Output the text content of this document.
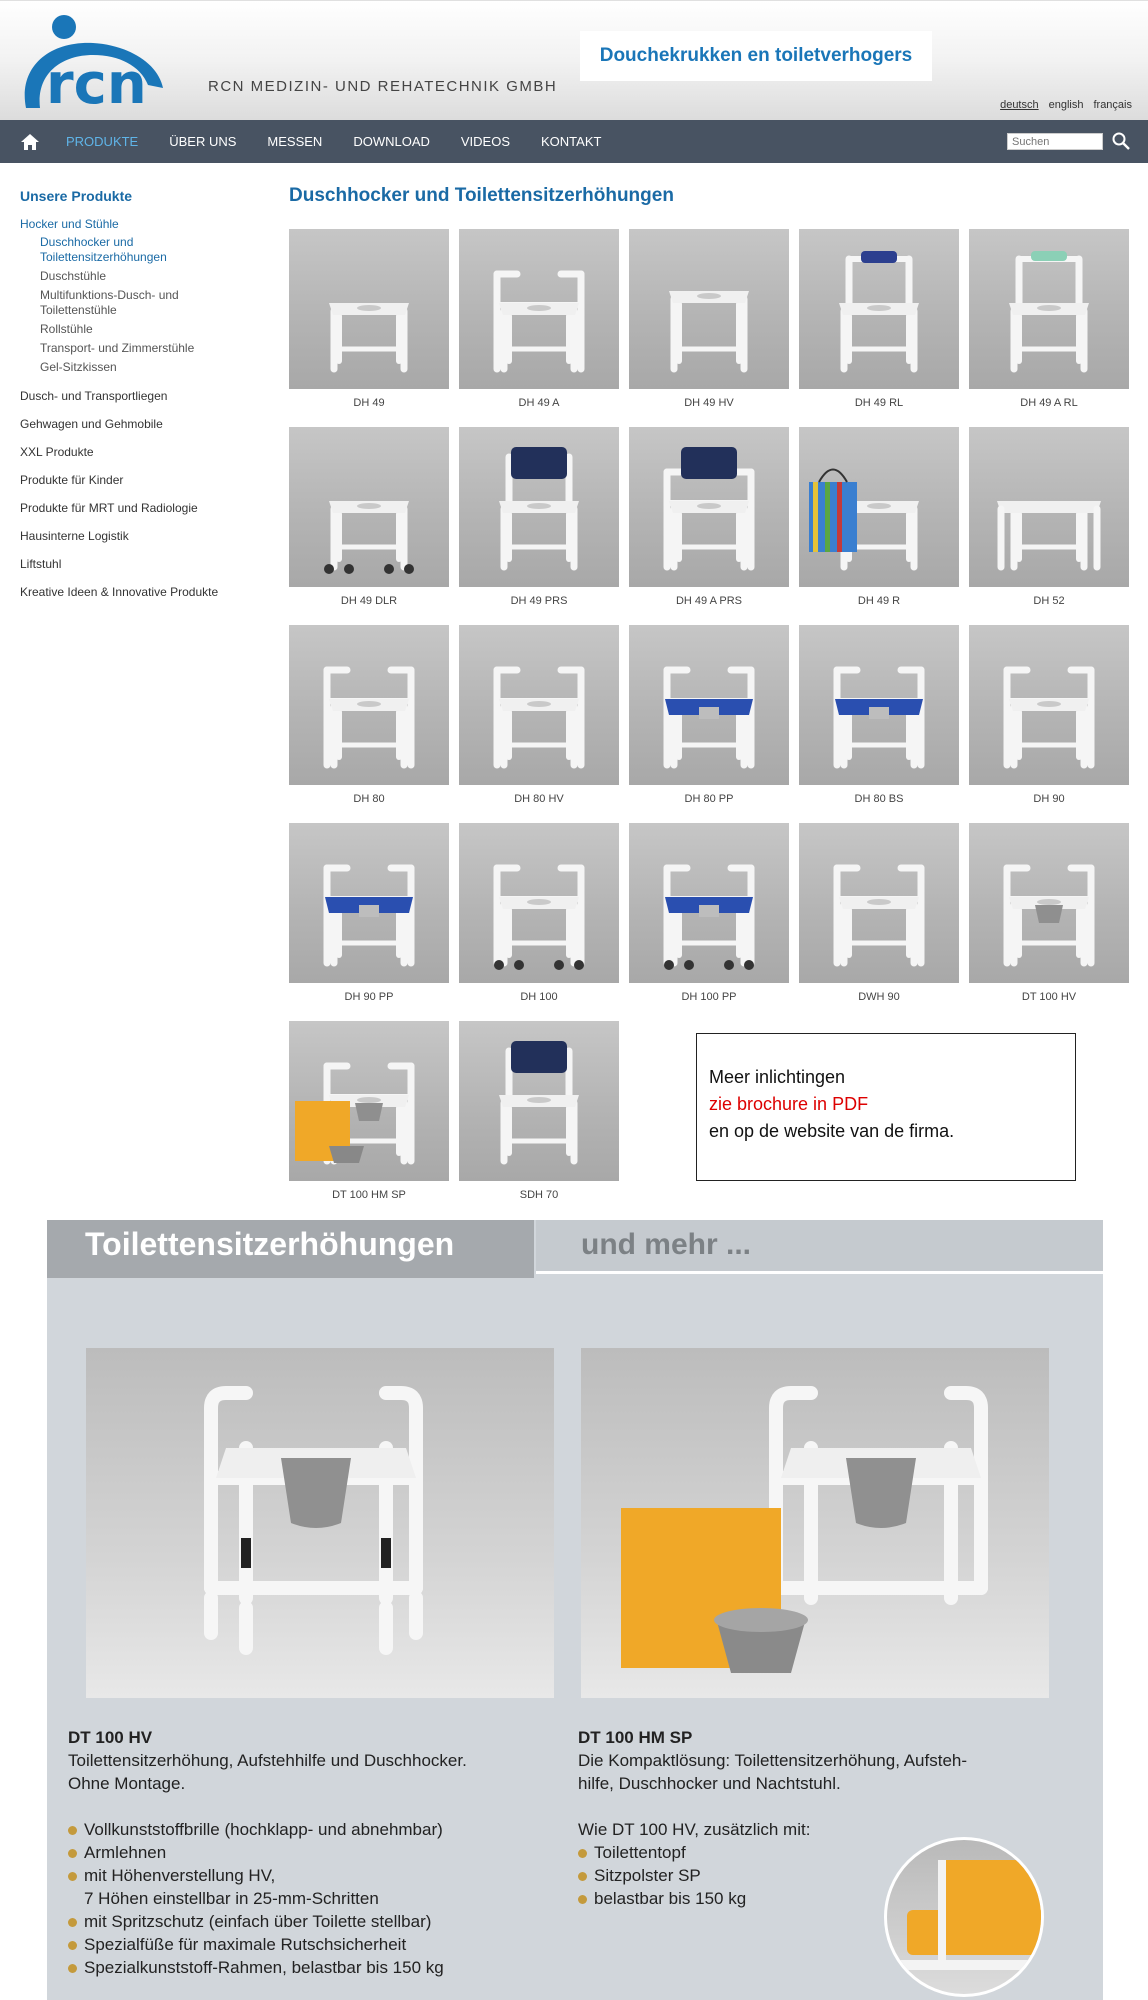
rcn	RCN MEDIZIN- UND REHATECHNIK GMBH
Douchekrukken en toiletverhogers
deutsch english français
PRODUKTE ÜBER UNS MESSEN DOWNLOAD VIDEOS KONTAKT
Suchen
Unsere Produkte
Hocker und Stühle
Duschhocker und Toilettensitzerhöhungen
Duschstühle
Multifunktions-Dusch- und Toilettenstühle
Rollstühle
Transport- und Zimmerstühle
Gel-Sitzkissen
Dusch- und Transportliegen
Gehwagen und Gehmobile
XXL Produkte
Produkte für Kinder
Produkte für MRT und Radiologie
Hausinterne Logistik
Liftstuhl
Kreative Ideen & Innovative Produkte
Duschhocker und Toilettensitzerhöhungen
DH 49	DH 49 A	DH 49 HV	DH 49 RL	DH 49 A RL
DH 49 DLR	DH 49 PRS	DH 49 A PRS	DH 49 R	DH 52
DH 80	DH 80 HV	DH 80 PP	DH 80 BS	DH 90
DH 90 PP	DH 100	DH 100 PP	DWH 90	DT 100 HV
DT 100 HM SP	SDH 70
Meer inlichtingen
zie brochure in PDF
en op de website van de firma.
Toilettensitzerhöhungen	und mehr ...
DT 100 HV
Toilettensitzerhöhung, Aufstehhilfe und Duschhocker.
Ohne Montage.
Vollkunststoffbrille (hochklapp- und abnehmbar)
Armlehnen
mit Höhenverstellung HV,
7 Höhen einstellbar in 25-mm-Schritten
mit Spritzschutz (einfach über Toilette stellbar)
Spezialfüße für maximale Rutschsicherheit
Spezialkunststoff-Rahmen, belastbar bis 150 kg
DT 100 HM SP
Die Kompaktlösung: Toilettensitzerhöhung, Aufsteh-
hilfe, Duschhocker und Nachtstuhl.
Wie DT 100 HV, zusätzlich mit:
Toilettentopf
Sitzpolster SP
belastbar bis 150 kg
